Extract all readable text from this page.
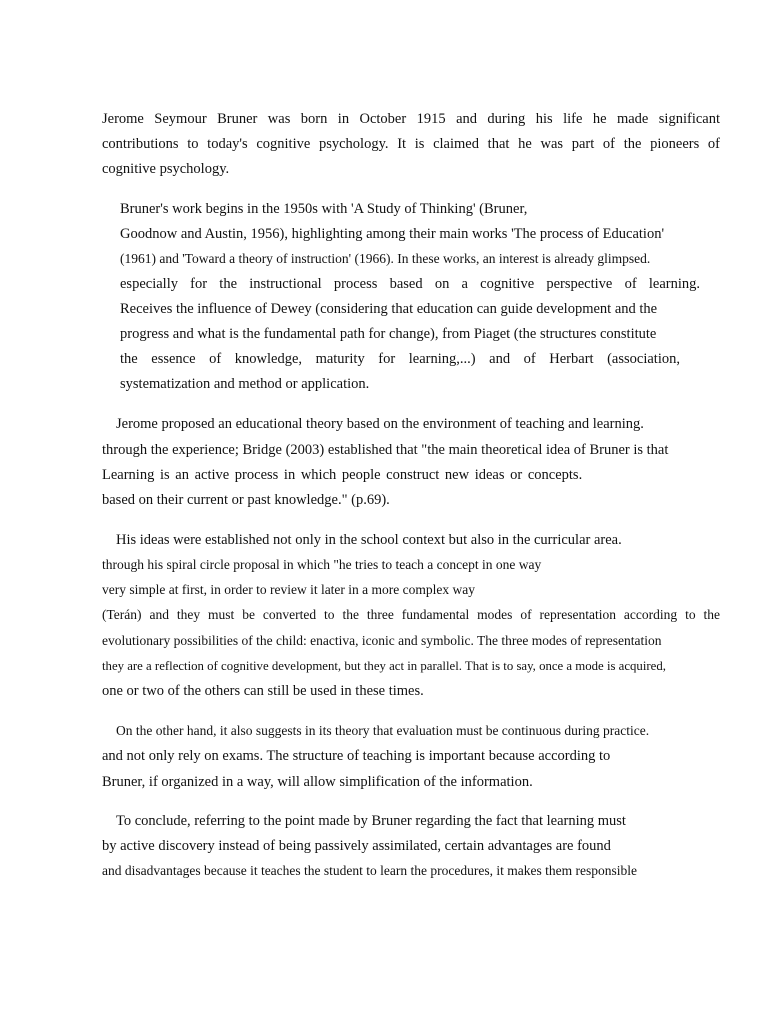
Jerome Seymour Bruner was born in October 1915 and during his life he made significant
contributions to today's cognitive psychology. It is claimed that he was part of the pioneers of
cognitive psychology.
Bruner's work begins in the 1950s with 'A Study of Thinking' (Bruner,
Goodnow and Austin, 1956), highlighting among their main works 'The process of Education'
(1961) and 'Toward a theory of instruction' (1966). In these works, an interest is already glimpsed.
especially for the instructional process based on a cognitive perspective of learning.
Receives the influence of Dewey (considering that education can guide development and the
progress and what is the fundamental path for change), from Piaget (the structures constitute
the essence of knowledge, maturity for learning,...) and of Herbart (association,
systematization and method or application.
Jerome proposed an educational theory based on the environment of teaching and learning.
through the experience; Bridge (2003) established that "the main theoretical idea of Bruner is that
Learning is an active process in which people construct new ideas or concepts.
based on their current or past knowledge." (p.69).
His ideas were established not only in the school context but also in the curricular area.
through his spiral circle proposal in which "he tries to teach a concept in one way
very simple at first, in order to review it later in a more complex way
(Terán) and they must be converted to the three fundamental modes of representation according to the
evolutionary possibilities of the child: enactiva, iconic and symbolic. The three modes of representation
they are a reflection of cognitive development, but they act in parallel. That is to say, once a mode is acquired,
one or two of the others can still be used in these times.
On the other hand, it also suggests in its theory that evaluation must be continuous during practice.
and not only rely on exams. The structure of teaching is important because according to
Bruner, if organized in a way, will allow simplification of the information.
To conclude, referring to the point made by Bruner regarding the fact that learning must
by active discovery instead of being passively assimilated, certain advantages are found
and disadvantages because it teaches the student to learn the procedures, it makes them responsible
